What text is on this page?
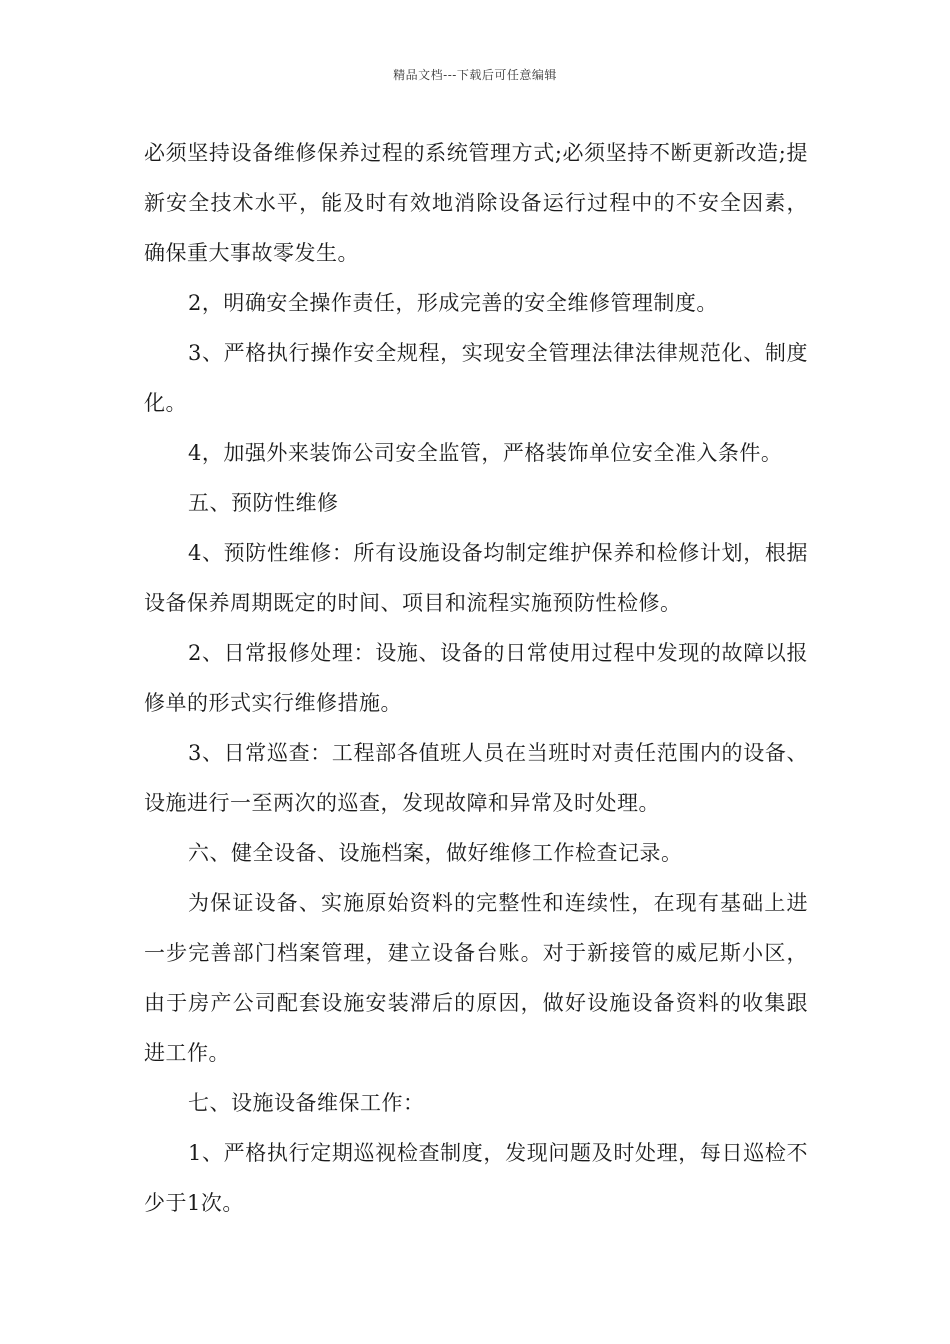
精品文档---下载后可任意编辑

必须坚持设备维修保养过程的系统管理方式;必须坚持不断更新改造;提新安全技术水平，能及时有效地消除设备运行过程中的不安全因素，确保重大事故零发生。

2，明确安全操作责任，形成完善的安全维修管理制度。

3、严格执行操作安全规程，实现安全管理法律法律规范化、制度化。

4，加强外来装饰公司安全监管，严格装饰单位安全准入条件。

五、预防性维修

4、预防性维修：所有设施设备均制定维护保养和检修计划，根据设备保养周期既定的时间、项目和流程实施预防性检修。

2、日常报修处理：设施、设备的日常使用过程中发现的故障以报修单的形式实行维修措施。

3、日常巡查：工程部各值班人员在当班时对责任范围内的设备、设施进行一至两次的巡查，发现故障和异常及时处理。

六、健全设备、设施档案，做好维修工作检查记录。

为保证设备、实施原始资料的完整性和连续性，在现有基础上进一步完善部门档案管理，建立设备台账。对于新接管的威尼斯小区，由于房产公司配套设施安装滞后的原因，做好设施设备资料的收集跟进工作。

七、设施设备维保工作：

1、严格执行定期巡视检查制度，发现问题及时处理，每日巡检不少于1次。
